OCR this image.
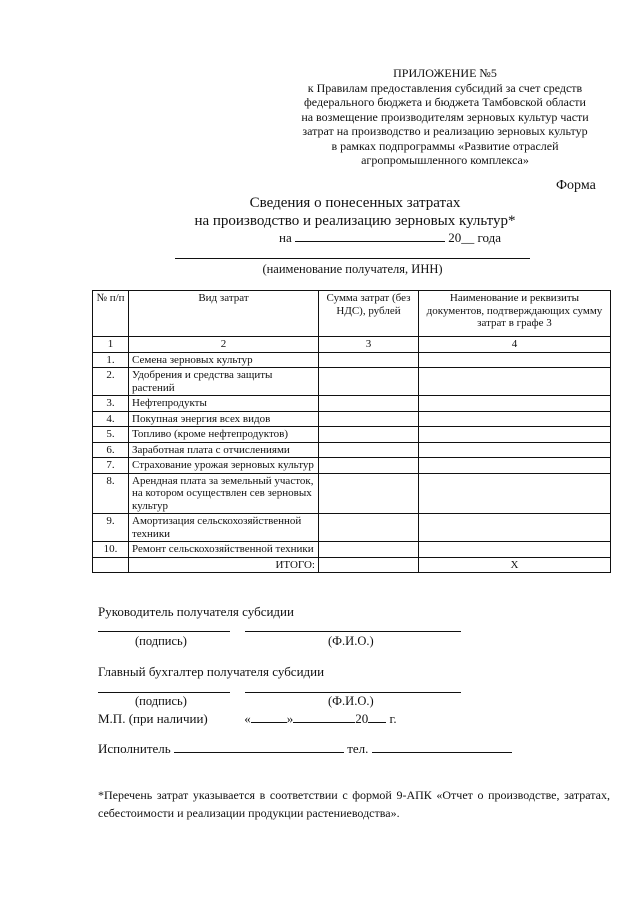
ПРИЛОЖЕНИЕ №5
к Правилам предоставления субсидий за счет средств
федерального бюджета и бюджета Тамбовской области
на возмещение производителям зерновых культур части
затрат на производство и реализацию зерновых культур
в рамках подпрограммы «Развитие отраслей
агропромышленного комплекса»
Форма
Сведения о понесенных затратах
на производство и реализацию зерновых культур*
на	20__ года
(наименование получателя, ИНН)
№ п/п	Вид затрат	Сумма затрат (без НДС), рублей	Наименование и реквизиты документов, подтверждающих сумму затрат в графе 3
1	2	3	4
1.	Семена зерновых культур		
2.	Удобрения и средства защиты растений		
3.	Нефтепродукты		
4.	Покупная энергия всех видов		
5.	Топливо (кроме нефтепродуктов)		
6.	Заработная плата с отчислениями		
7.	Страхование урожая зерновых культур		
8.	Арендная плата за земельный участок, на котором осуществлен сев зерновых культур		
9.	Амортизация сельскохозяйственной техники		
10.	Ремонт сельскохозяйственной техники		
	ИТОГО:		X
Руководитель получателя субсидии
(подпись)	(Ф.И.О.)
Главный бухгалтер получателя субсидии
(подпись)	(Ф.И.О.)
М.П. (при наличии)	«	»	20 г.
Исполнитель	тел.
*Перечень затрат указывается в соответствии с формой 9-АПК «Отчет о производстве, затратах, себестоимости и реализации продукции растениеводства».
